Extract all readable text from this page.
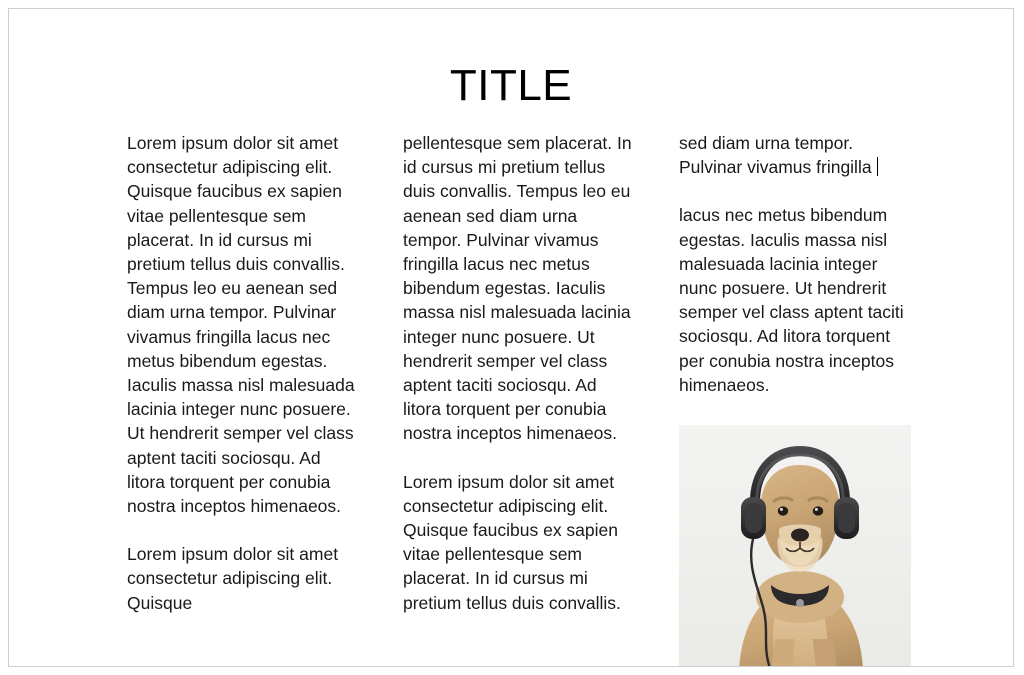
TITLE

Lorem ipsum dolor sit amet consectetur adipiscing elit. Quisque faucibus ex sapien vitae pellentesque sem placerat. In id cursus mi pretium tellus duis convallis. Tempus leo eu aenean sed diam urna tempor. Pulvinar vivamus fringilla lacus nec metus bibendum egestas. Iaculis massa nisl malesuada lacinia integer nunc posuere. Ut hendrerit semper vel class aptent taciti sociosqu. Ad litora torquent per conubia nostra inceptos himenaeos.

Lorem ipsum dolor sit amet consectetur adipiscing elit. Quisque

pellentesque sem placerat. In id cursus mi pretium tellus duis convallis. Tempus leo eu aenean sed diam urna tempor. Pulvinar vivamus fringilla lacus nec metus bibendum egestas. Iaculis massa nisl malesuada lacinia integer nunc posuere. Ut hendrerit semper vel class aptent taciti sociosqu. Ad litora torquent per conubia nostra inceptos himenaeos.

Lorem ipsum dolor sit amet consectetur adipiscing elit. Quisque faucibus ex sapien vitae pellentesque sem placerat. In id cursus mi pretium tellus duis convallis.

sed diam urna tempor. Pulvinar vivamus fringilla

lacus nec metus bibendum egestas. Iaculis massa nisl malesuada lacinia integer nunc posuere. Ut hendrerit semper vel class aptent taciti sociosqu. Ad litora torquent per conubia nostra inceptos himenaeos.
